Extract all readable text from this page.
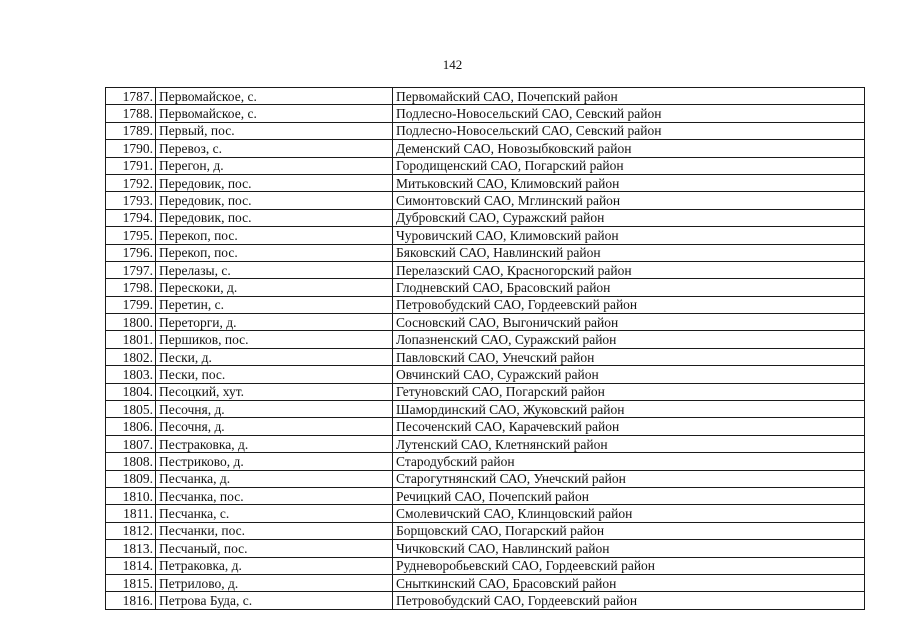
142
1787.	Первомайское, с.	Первомайский САО, Почепский район
1788.	Первомайское, с.	Подлесно-Новосельский САО, Севский район
1789.	Первый, пос.	Подлесно-Новосельский САО, Севский район
1790.	Перевоз, с.	Деменский САО, Новозыбковский район
1791.	Перегон, д.	Городищенский САО, Погарский район
1792.	Передовик, пос.	Митьковский САО, Климовский район
1793.	Передовик, пос.	Симонтовский САО, Мглинский район
1794.	Передовик, пос.	Дубровский САО, Суражский район
1795.	Перекоп, пос.	Чуровичский САО, Климовский район
1796.	Перекоп, пос.	Бяковский САО, Навлинский район
1797.	Перелазы, с.	Перелазский САО, Красногорский район
1798.	Перескоки, д.	Глодневский САО, Брасовский район
1799.	Перетин, с.	Петровобудский САО, Гордеевский район
1800.	Переторги, д.	Сосновский САО, Выгоничский район
1801.	Першиков, пос.	Лопазненский САО, Суражский район
1802.	Пески, д.	Павловский САО, Унечский район
1803.	Пески, пос.	Овчинский САО, Суражский район
1804.	Песоцкий, хут.	Гетуновский САО, Погарский район
1805.	Песочня, д.	Шамординский САО, Жуковский район
1806.	Песочня, д.	Песоченский САО, Карачевский район
1807.	Пестраковка, д.	Лутенский САО, Клетнянский район
1808.	Пестриково, д.	Стародубский район
1809.	Песчанка, д.	Старогутнянский САО, Унечский район
1810.	Песчанка, пос.	Речицкий САО, Почепский район
1811.	Песчанка, с.	Смолевичский САО, Клинцовский район
1812.	Песчанки, пос.	Борщовский САО, Погарский район
1813.	Песчаный, пос.	Чичковский САО, Навлинский район
1814.	Петраковка, д.	Рудневоробьевский САО, Гордеевский район
1815.	Петрилово, д.	Сныткинский САО, Брасовский район
1816.	Петрова Буда, с.	Петровобудский САО, Гордеевский район
